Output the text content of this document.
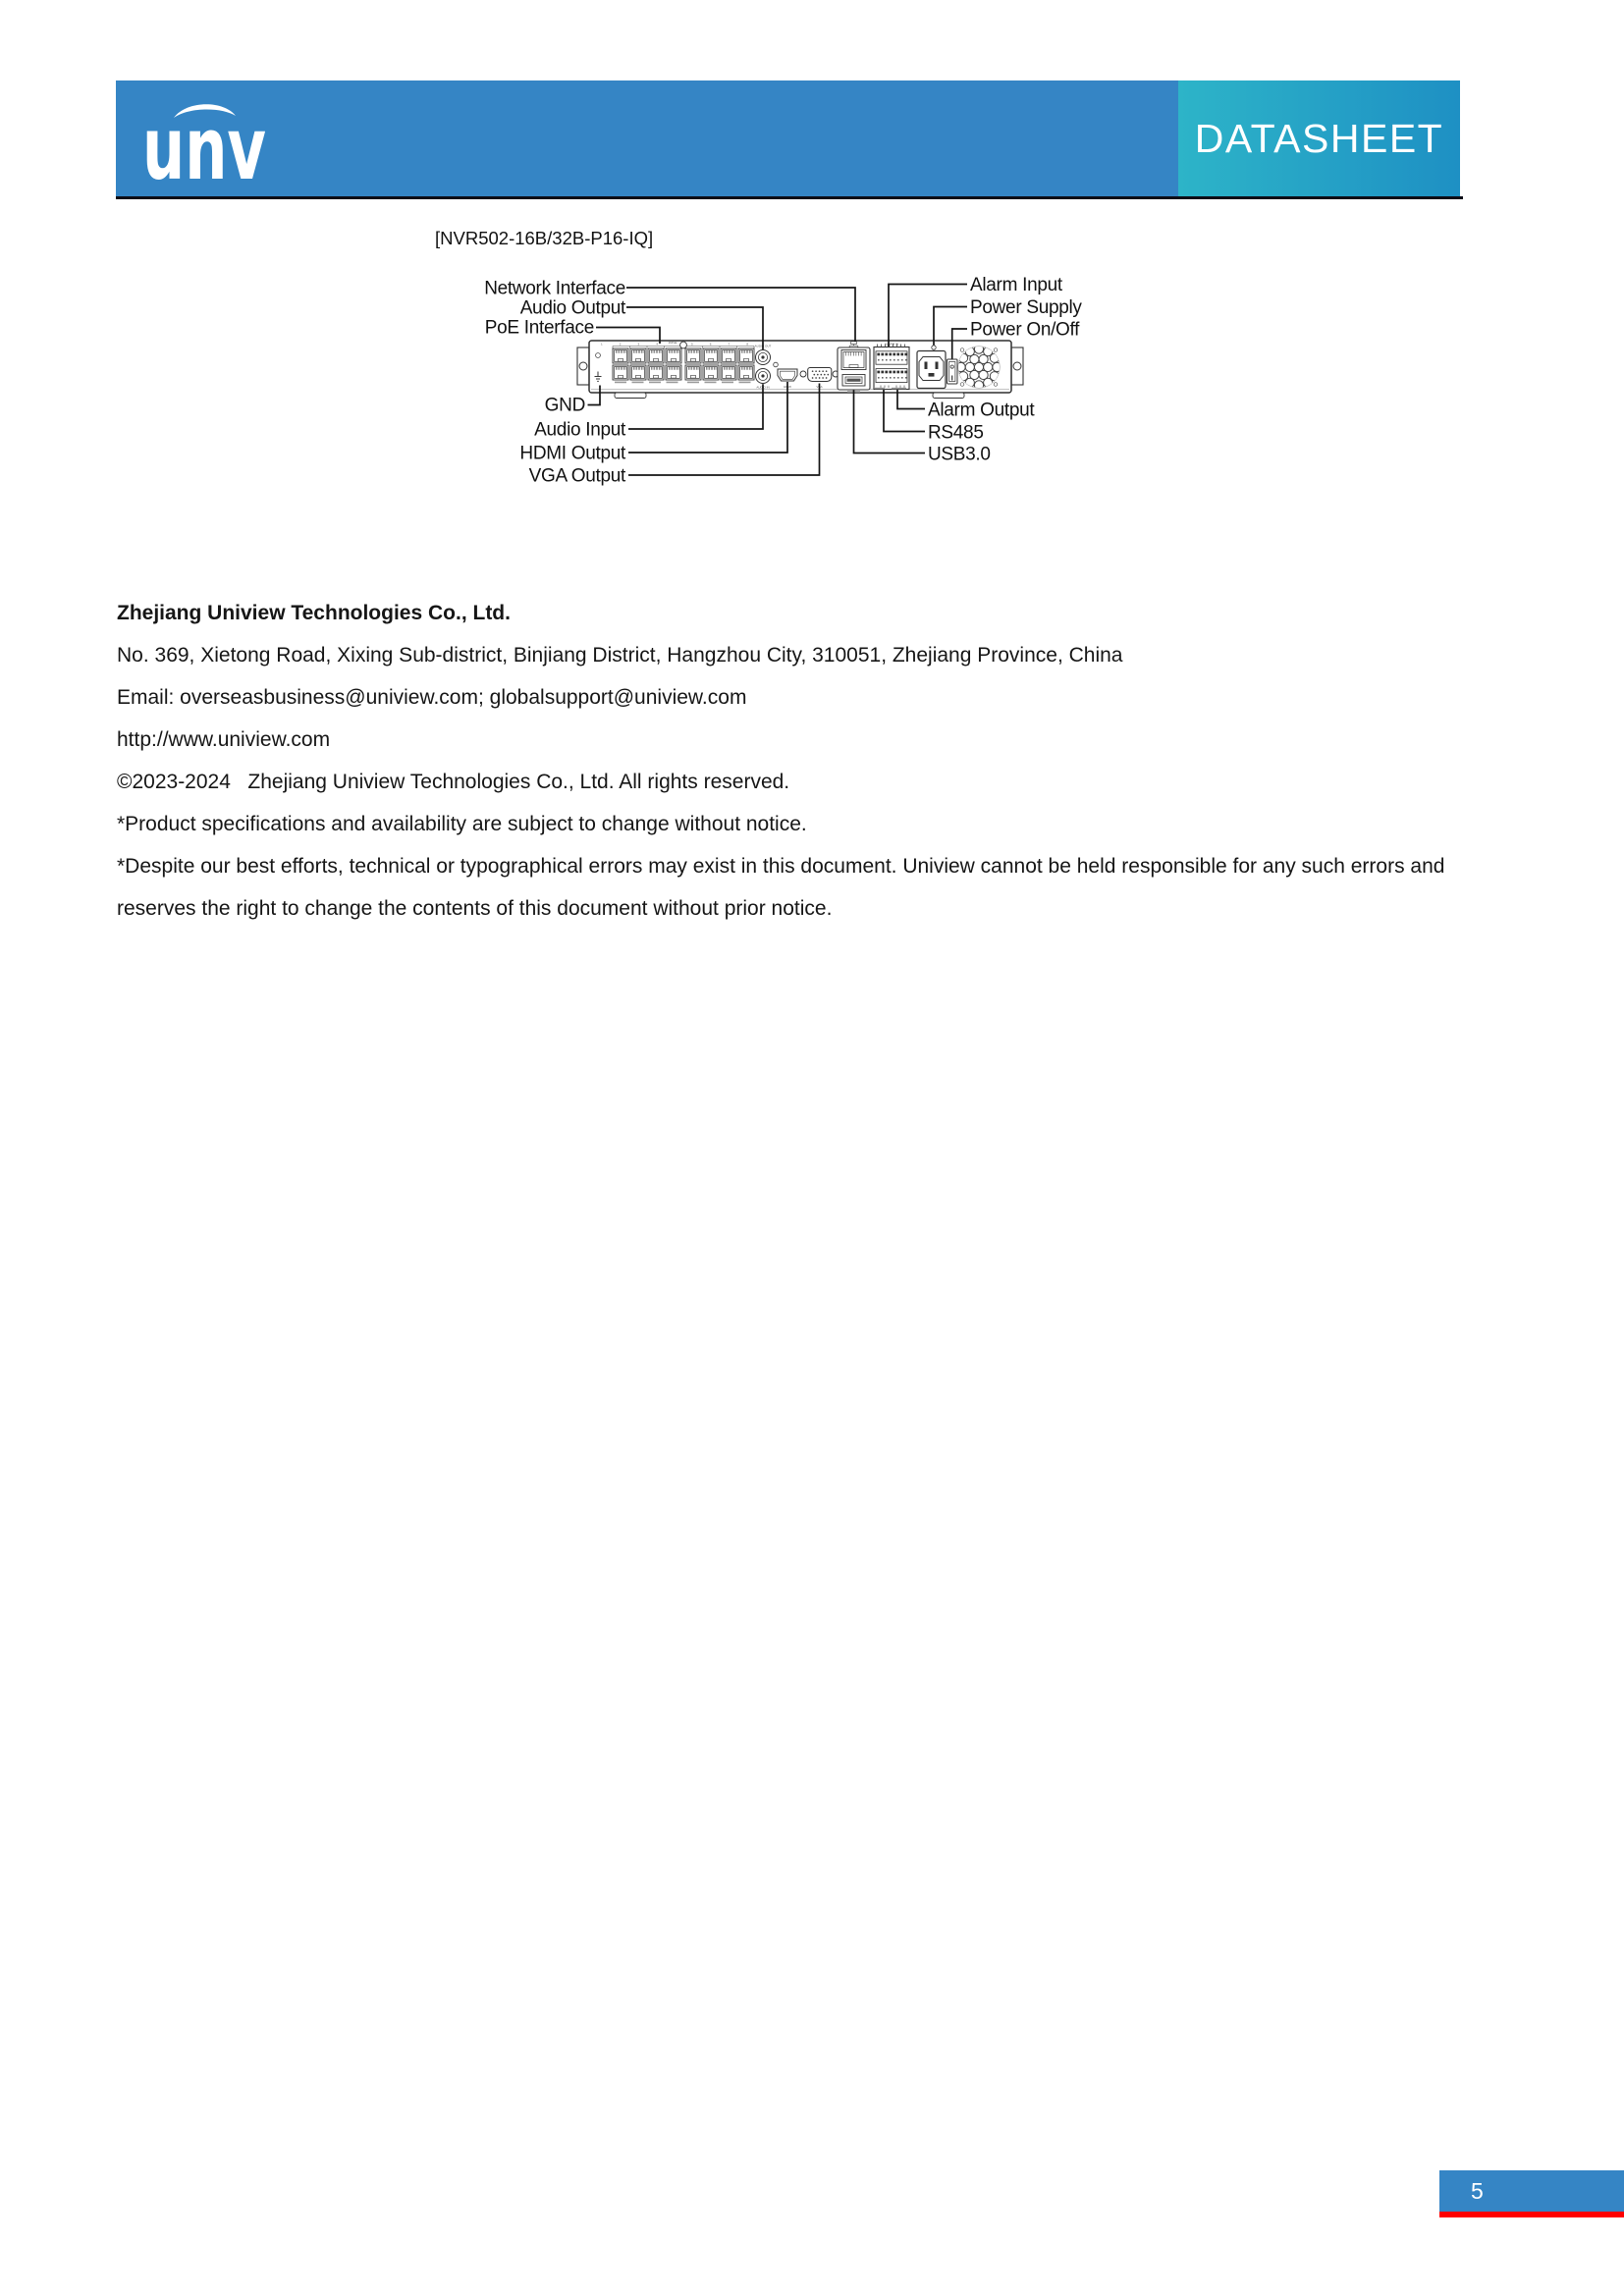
unv	DATASHEET
[NVR502-16B/32B-P16-IQ]
1 2 3 4	5 6 7 8
16PoE
AUDIO OUT
AUDIO IN	HDMI	VGA
ALARM IN
Network Interface
Audio Output
PoE Interface
GND
Audio Input
HDMI Output
VGA Output
Alarm Input
Power Supply
Power On/Off
Alarm Output
RS485
USB3.0

Zhejiang Uniview Technologies Co., Ltd.

No. 369, Xietong Road, Xixing Sub-district, Binjiang District, Hangzhou City, 310051, Zhejiang Province, China

Email: overseasbusiness@uniview.com; globalsupport@uniview.com

http://www.uniview.com

©2023-2024   Zhejiang Uniview Technologies Co., Ltd. All rights reserved.

*Product specifications and availability are subject to change without notice.

*Despite our best efforts, technical or typographical errors may exist in this document. Uniview cannot be held responsible for any such errors and reserves the right to change the contents of this document without prior notice.

5
